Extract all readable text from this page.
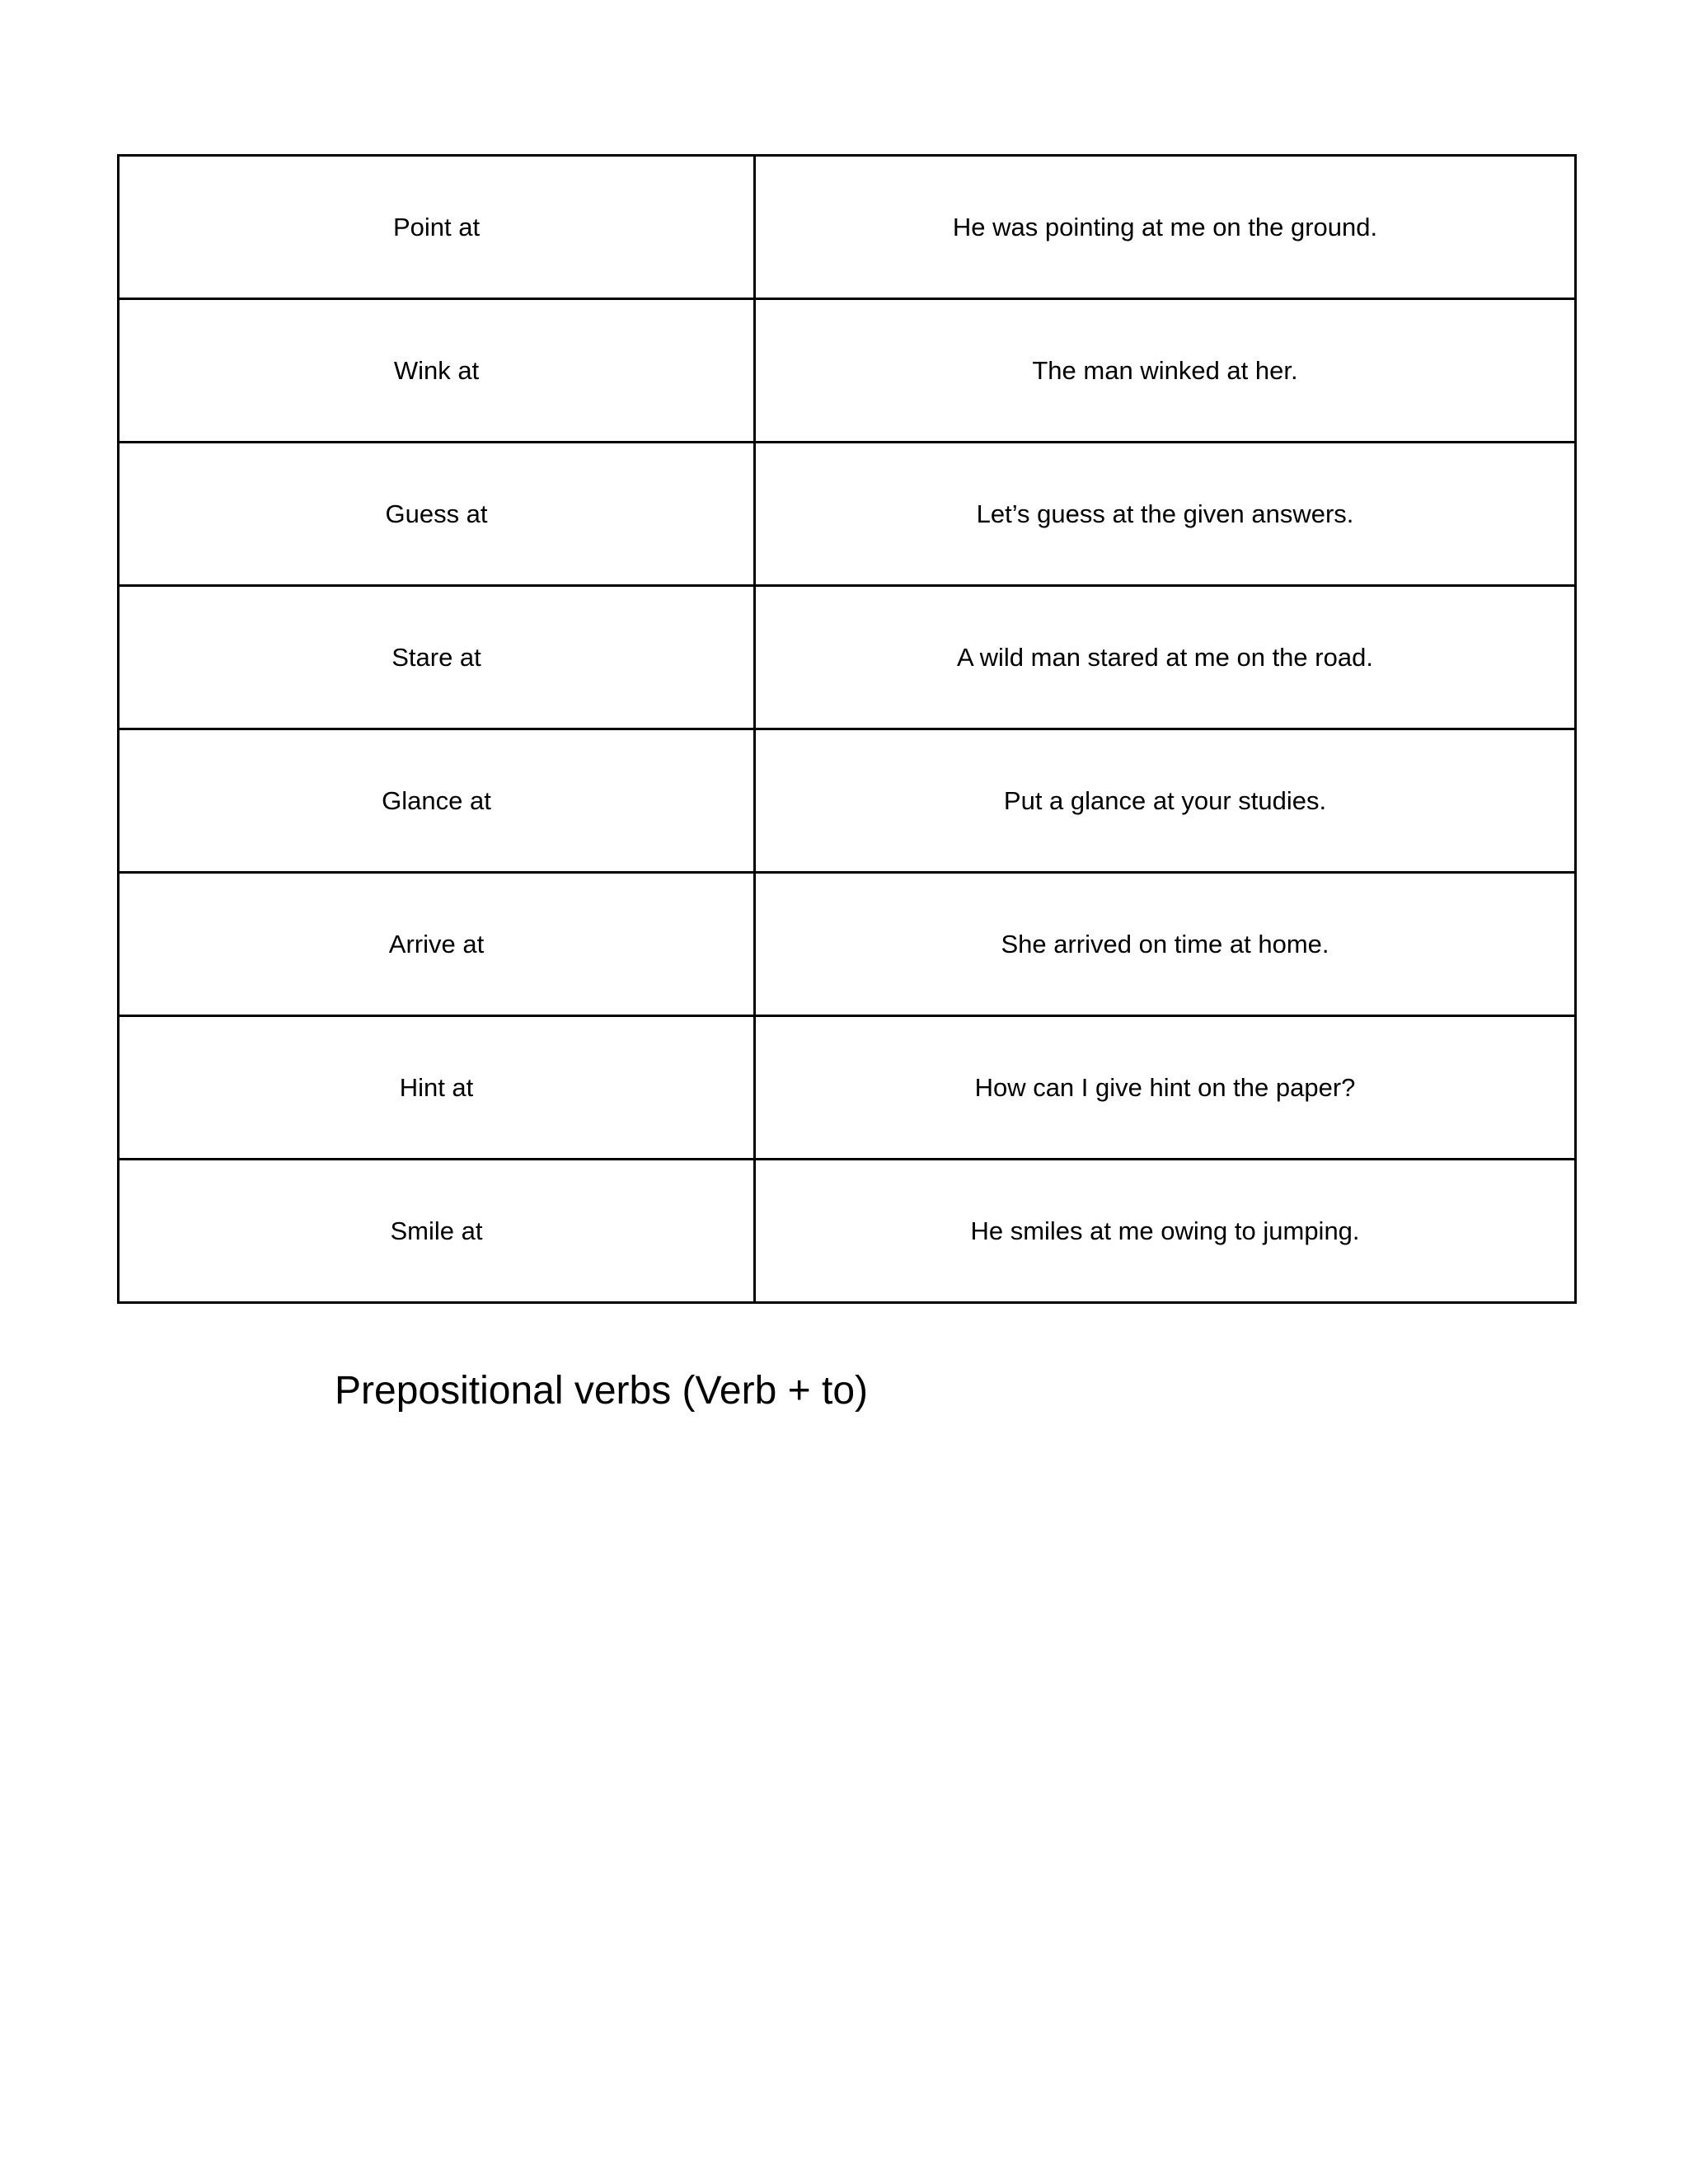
Point at	He was pointing at me on the ground.
Wink at	The man winked at her.
Guess at	Let’s guess at the given answers.
Stare at	A wild man stared at me on the road.
Glance at	Put a glance at your studies.
Arrive at	She arrived on time at home.
Hint at	How can I give hint on the paper?
Smile at	He smiles at me owing to jumping.
Prepositional verbs (Verb + to)
